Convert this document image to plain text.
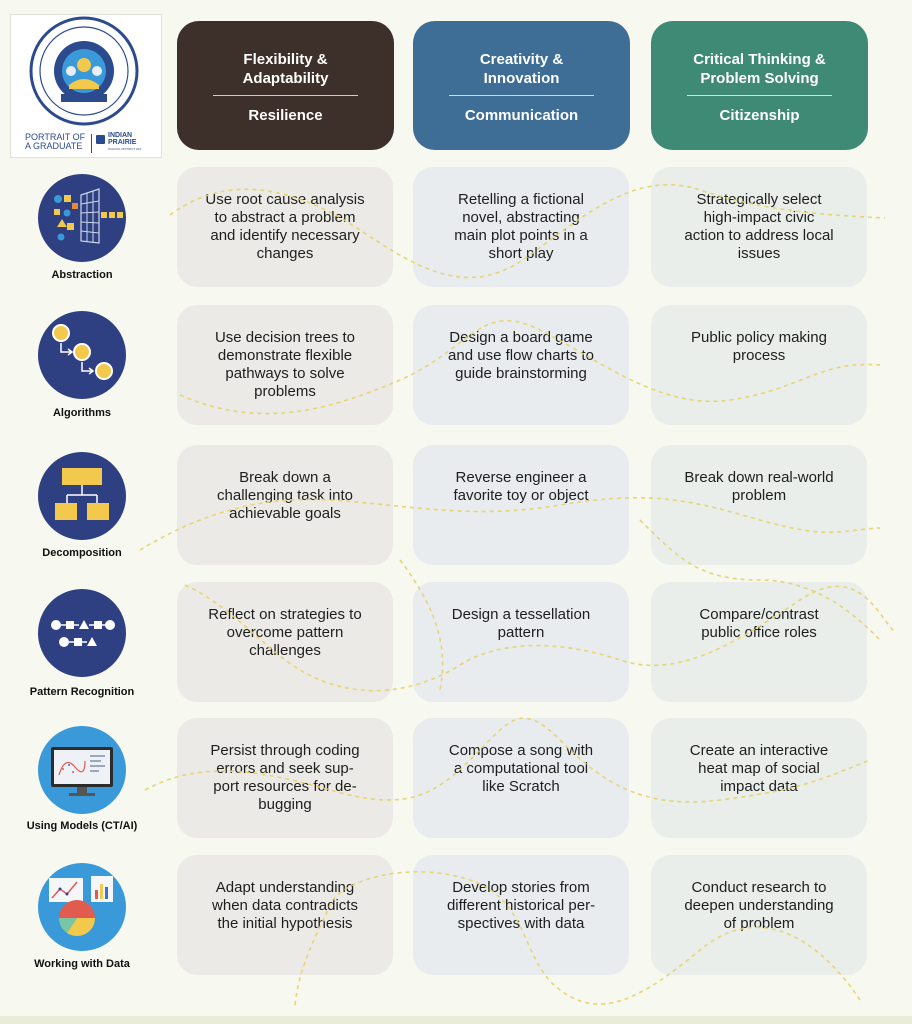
PORTRAIT OF
A GRADUATE
INDIAN
PRAIRIE
SCHOOL DISTRICT 204
Flexibility &
Adaptability
Resilience
Creativity &
Innovation
Communication
Critical Thinking &
Problem Solving
Citizenship
Abstraction
Use root cause analysis
to abstract a problem
and identify necessary
changes
Retelling a fictional
novel, abstracting
main plot points in a
short play
Strategically select
high-impact civic
action to address local
issues
Algorithms
Use decision trees to
demonstrate flexible
pathways to solve
problems
Design a board game
and use flow charts to
guide brainstorming
Public policy making
process
Decomposition
Break down a
challenging task into
achievable goals
Reverse engineer a
favorite toy or object
Break down real-world
problem
Pattern Recognition
Reflect on strategies to
overcome pattern
challenges
Design a tessellation
pattern
Compare/contrast
public office roles
Using Models (CT/AI)
Persist through coding
errors and seek sup-
port resources for de-
bugging
Compose a song with
a computational tool
like Scratch
Create an interactive
heat map of social
impact data
Working with Data
Adapt understanding
when data contradicts
the initial hypothesis
Develop stories from
different historical per-
spectives with data
Conduct research to
deepen understanding
of problem
